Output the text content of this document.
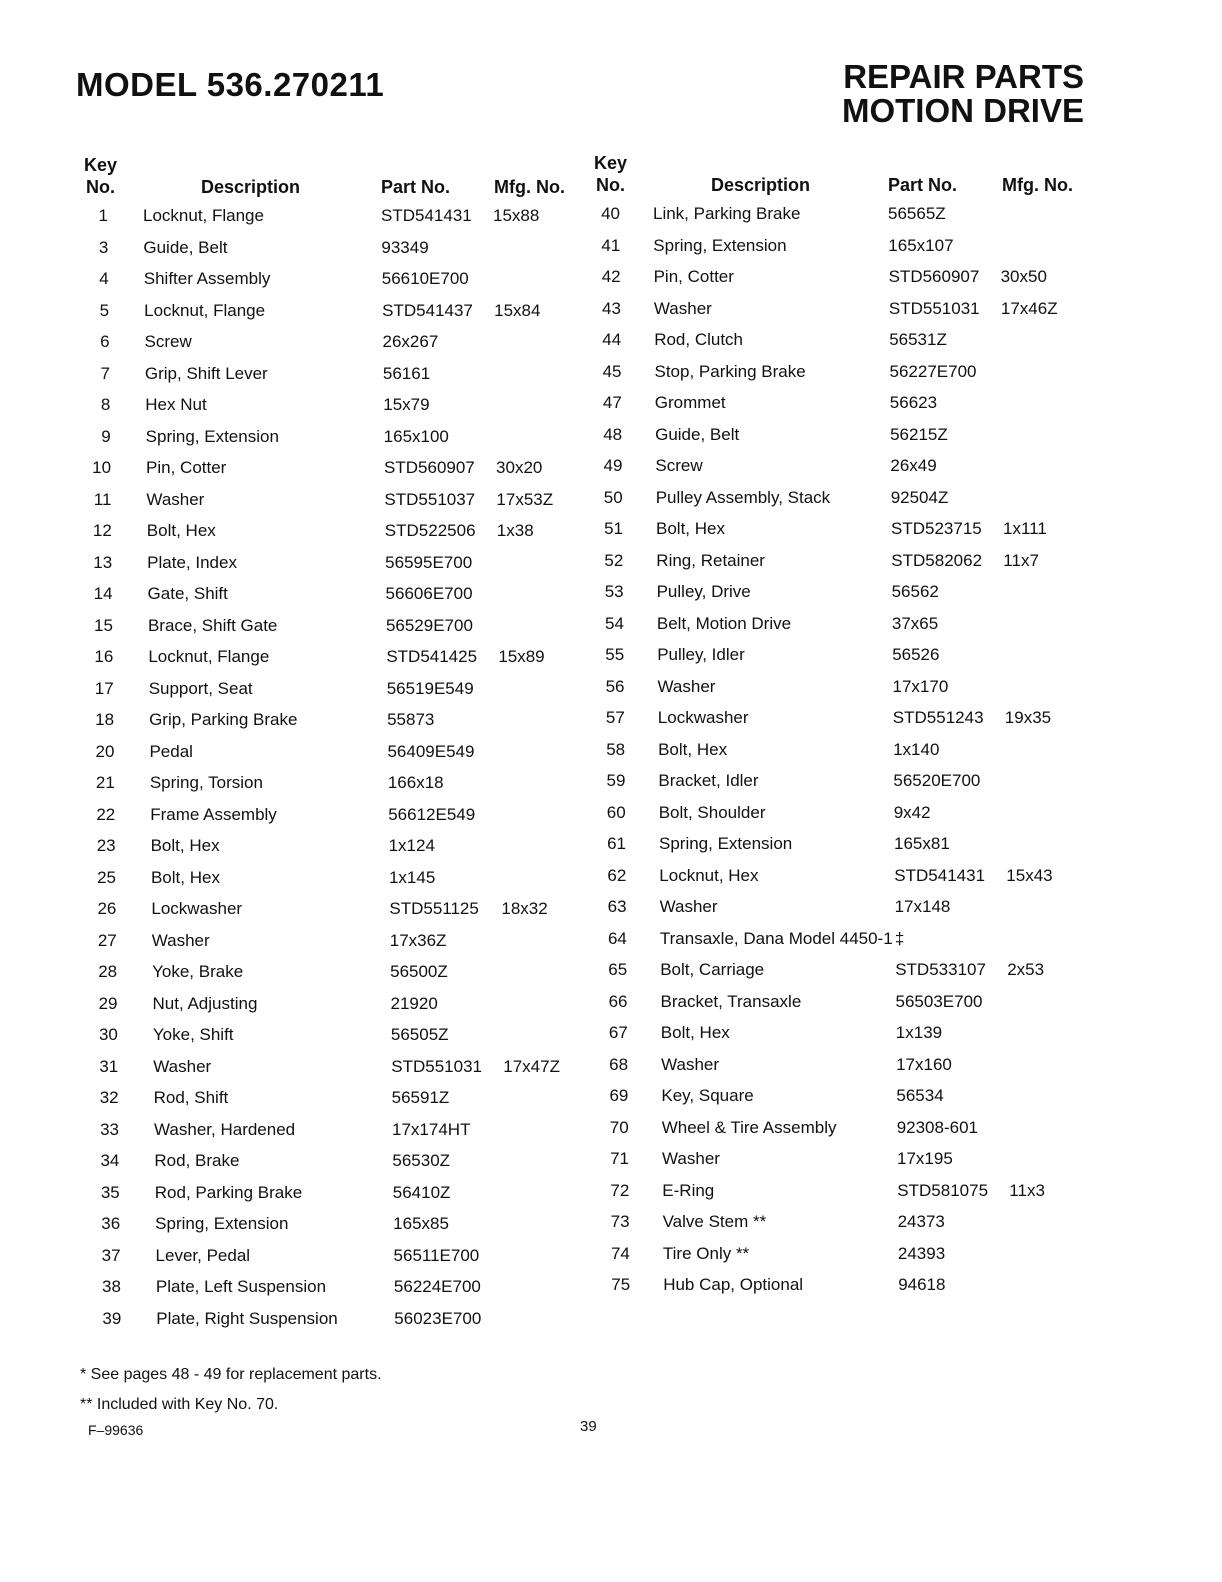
MODEL 536.270211	REPAIR PARTS
MOTION DRIVE
Key
No.	Description	Part No. Mfg. No.
1 Locknut, Flange	STD541431 15x88
3 Guide, Belt	93349
4 Shifter Assembly	56610E700
5 Locknut, Flange	STD541437 15x84
6 Screw	26x267
7 Grip, Shift Lever	56161
8 Hex Nut	15x79
9 Spring, Extension	165x100
10 Pin, Cotter	STD560907 30x20
11 Washer	STD551037 17x53Z
12 Bolt, Hex	STD522506 1x38
13 Plate, Index	56595E700
14 Gate, Shift	56606E700
15 Brace, Shift Gate	56529E700
16 Locknut, Flange	STD541425 15x89
17 Support, Seat	56519E549
18 Grip, Parking Brake	55873
20 Pedal	56409E549
21 Spring, Torsion	166x18
22 Frame Assembly	56612E549
23 Bolt, Hex	1x124
25 Bolt, Hex	1x145
26 Lockwasher	STD551125 18x32
27 Washer	17x36Z
28 Yoke, Brake	56500Z
29 Nut, Adjusting	21920
30 Yoke, Shift	56505Z
31 Washer	STD551031 17x47Z
32 Rod, Shift	56591Z
33 Washer, Hardened	17x174HT
34 Rod, Brake	56530Z
35 Rod, Parking Brake	56410Z
36 Spring, Extension	165x85
37 Lever, Pedal	56511E700
38 Plate, Left Suspension	56224E700
39 Plate, Right Suspension	56023E700
Key
No.	Description	Part No. Mfg. No.
40 Link, Parking Brake	56565Z
41 Spring, Extension	165x107
42 Pin, Cotter	STD560907 30x50
43 Washer	STD551031 17x46Z
44 Rod, Clutch	56531Z
45 Stop, Parking Brake	56227E700
47 Grommet	56623
48 Guide, Belt	56215Z
49 Screw	26x49
50 Pulley Assembly, Stack	92504Z
51 Bolt, Hex	STD523715 1x111
52 Ring, Retainer	STD582062 11x7
53 Pulley, Drive	56562
54 Belt, Motion Drive	37x65
55 Pulley, Idler	56526
56 Washer	17x170
57 Lockwasher	STD551243 19x35
58 Bolt, Hex	1x140
59 Bracket, Idler	56520E700
60 Bolt, Shoulder	9x42
61 Spring, Extension	165x81
62 Locknut, Hex	STD541431 15x43
63 Washer	17x148
64 Transaxle, Dana Model 4450-1 ‡
65 Bolt, Carriage	STD533107 2x53
66 Bracket, Transaxle	56503E700
67 Bolt, Hex	1x139
68 Washer	17x160
69 Key, Square	56534
70 Wheel & Tire Assembly	92308-601
71 Washer	17x195
72 E-Ring	STD581075 11x3
73 Valve Stem **	24373
74 Tire Only **	24393
75 Hub Cap, Optional	94618
* See pages 48 - 49 for replacement parts.
** Included with Key No. 70.
F–99636	39
